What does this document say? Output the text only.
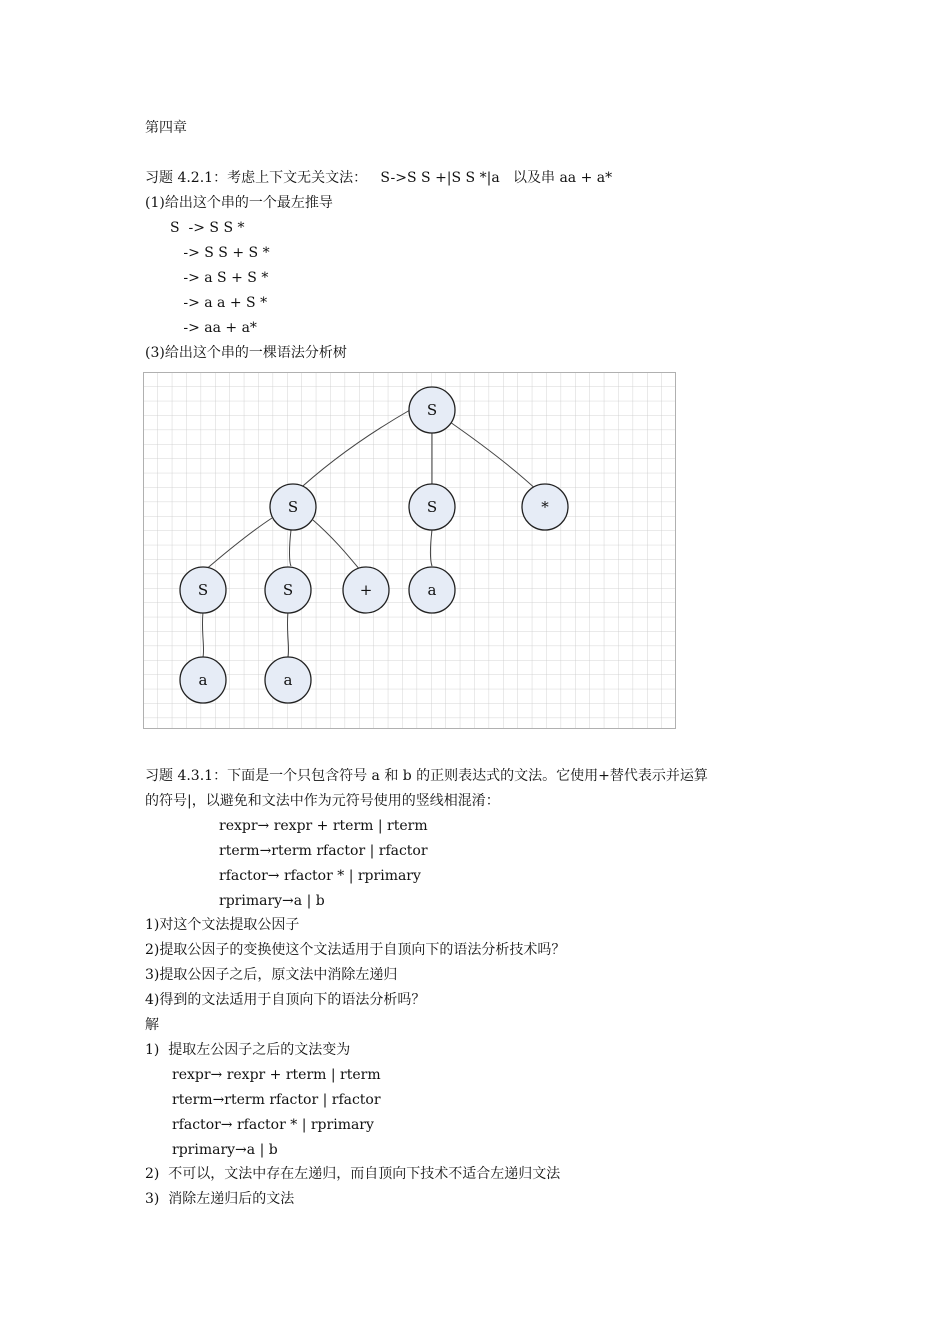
第四章
习题 4.2.1：考虑上下文无关文法：   S->S S +|S S *|a   以及串 aa + a*
(1)给出这个串的一个最左推导
S  -> S S *
-> S S + S *
-> a S + S *
-> a a + S *
-> aa + a*
(3)给出这个串的一棵语法分析树
S
S	S	*
S	S	+	a
a	a
习题 4.3.1：下面是一个只包含符号 a 和 b 的正则表达式的文法。它使用+替代表示并运算
的符号|，以避免和文法中作为元符号使用的竖线相混淆：
rexpr→ rexpr + rterm | rterm
rterm→rterm rfactor | rfactor
rfactor→ rfactor * | rprimary
rprimary→a | b
1)对这个文法提取公因子
2)提取公因子的变换使这个文法适用于自顶向下的语法分析技术吗？
3)提取公因子之后，原文法中消除左递归
4)得到的文法适用于自顶向下的语法分析吗？
解
1)  提取左公因子之后的文法变为
rexpr→ rexpr + rterm | rterm
rterm→rterm rfactor | rfactor
rfactor→ rfactor * | rprimary
rprimary→a | b
2)  不可以，文法中存在左递归，而自顶向下技术不适合左递归文法
3)  消除左递归后的文法
